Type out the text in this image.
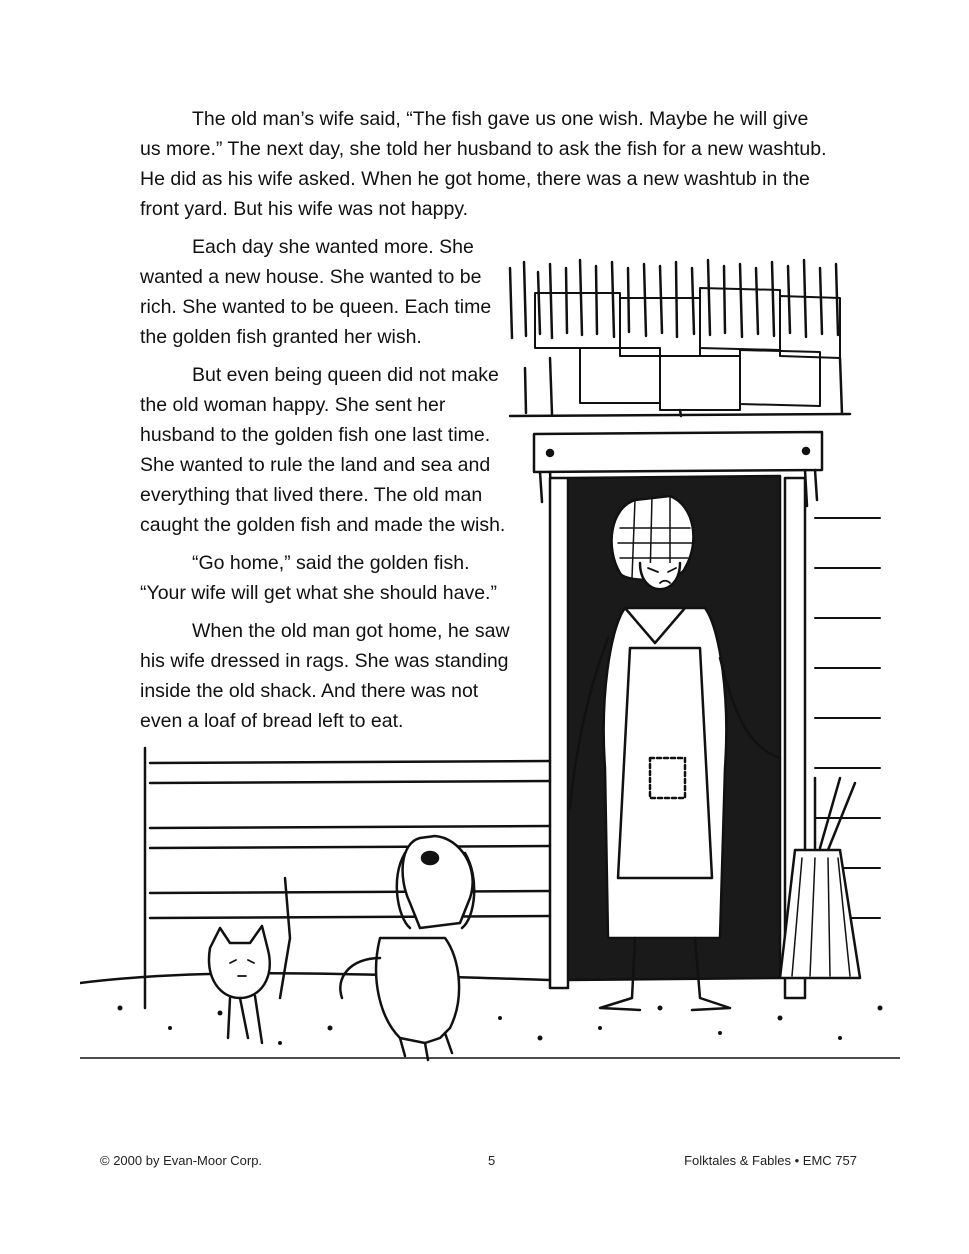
The old man’s wife said, “The fish gave us one wish. Maybe he will give us more.” The next day, she told her husband to ask the fish for a new washtub. He did as his wife asked. When he got home, there was a new washtub in the front yard. But his wife was not happy.

Each day she wanted more. She wanted a new house. She wanted to be rich. She wanted to be queen. Each time the golden fish granted her wish.

But even being queen did not make the old woman happy. She sent her husband to the golden fish one last time. She wanted to rule the land and sea and everything that lived there. The old man caught the golden fish and made the wish.

“Go home,” said the golden fish. “Your wife will get what she should have.”

When the old man got home, he saw his wife dressed in rags. She was standing inside the old shack. And there was not even a loaf of bread left to eat.

© 2000 by Evan-Moor Corp.	5	Folktales & Fables • EMC 757
